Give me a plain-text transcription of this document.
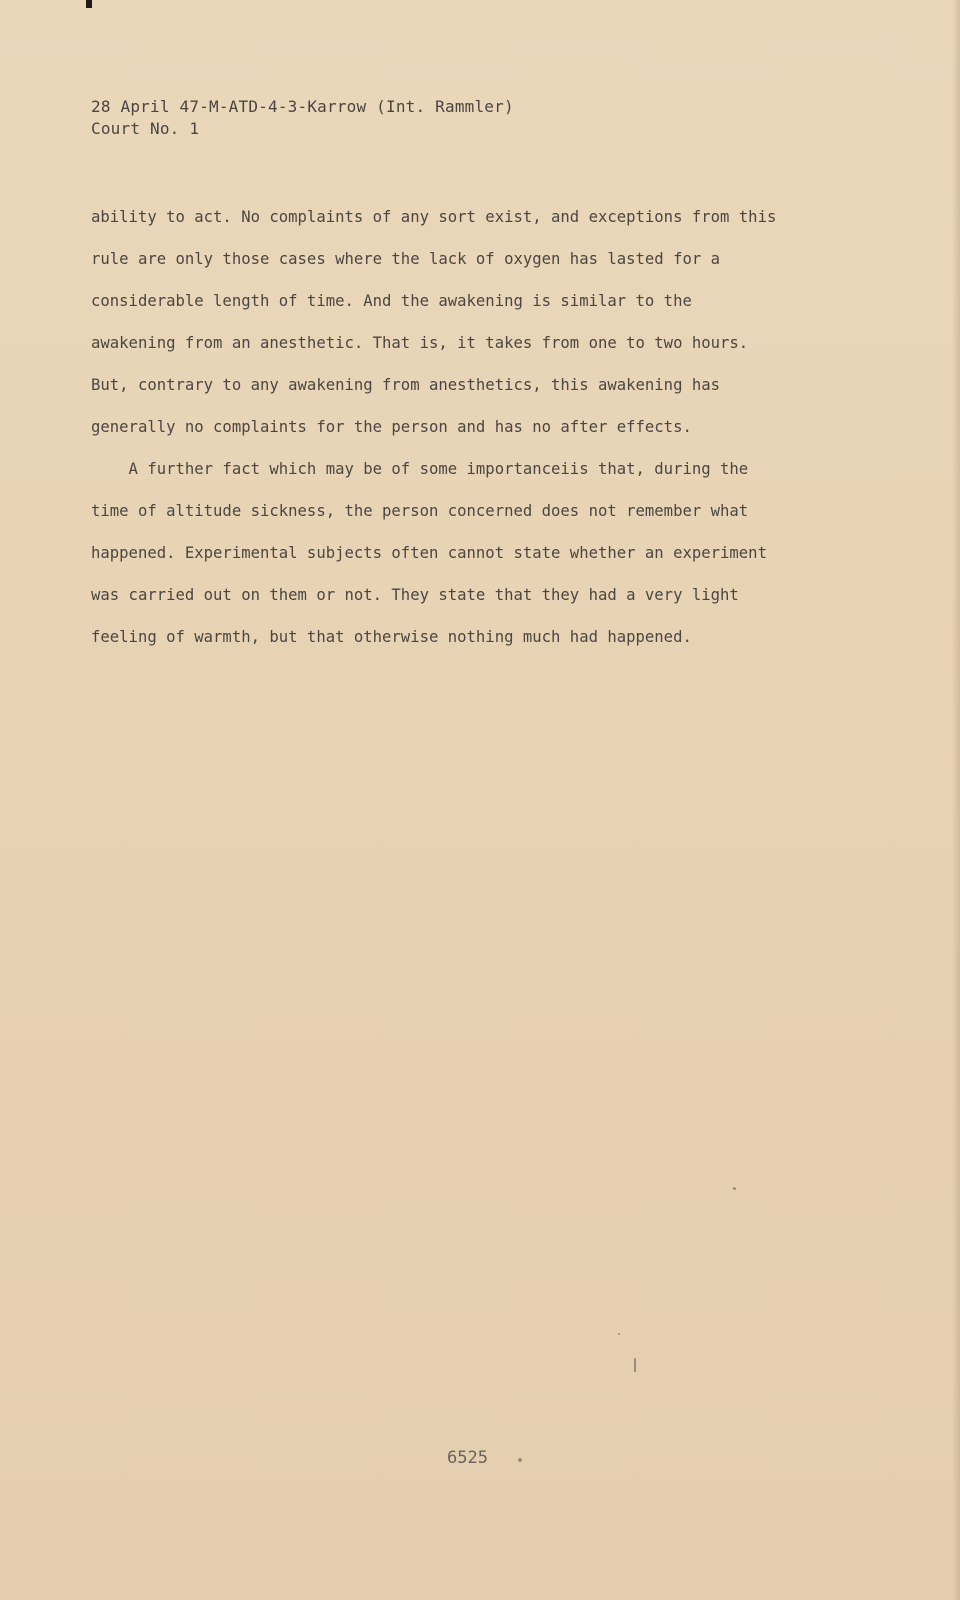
28 April 47-M-ATD-4-3-Karrow (Int. Rammler)
Court No. 1
ability to act. No complaints of any sort exist, and exceptions from this
rule are only those cases where the lack of oxygen has lasted for a
considerable length of time. And the awakening is similar to the
awakening from an anesthetic. That is, it takes from one to two hours.
But, contrary to any awakening from anesthetics, this awakening has
generally no complaints for the person and has no after effects.
A further fact which may be of some importanceiis that, during the
time of altitude sickness, the person concerned does not remember what
happened. Experimental subjects often cannot state whether an experiment
was carried out on them or not. They state that they had a very light
feeling of warmth, but that otherwise nothing much had happened.
6525
